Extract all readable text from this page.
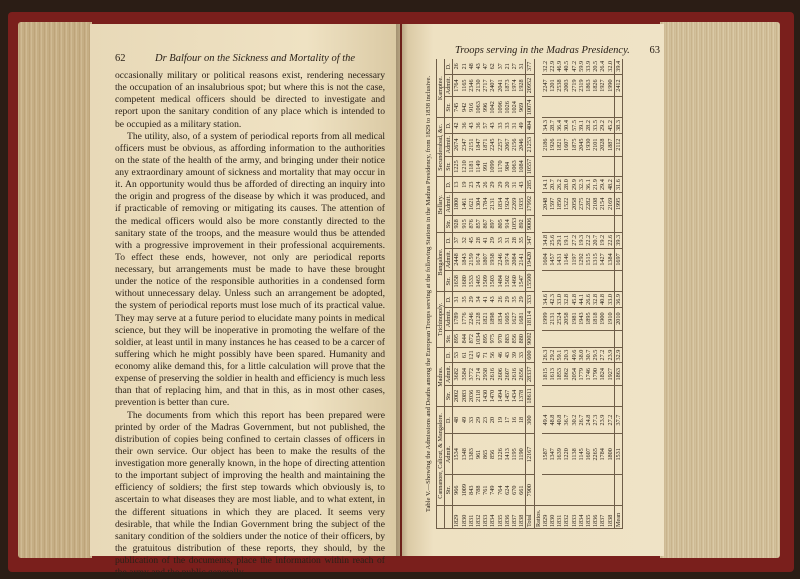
62	Dr Balfour on the Sickness and Mortality of the

occasionally military or political reasons exist, rendering necessary the occupation of an insalubrious spot; but where this is not the case, competent medical officers should be directed to investigate and report upon the sanitary condition of any place which is intended to be occupied as a military station.

The utility, also, of a system of periodical reports from all medical officers must be obvious, as affording information to the authorities on the state of the health of the army, and bringing under their notice any extraordinary amount of sickness and mortality that may occur in it. An opportunity would thus be afforded of directing an inquiry into the origin and progress of the disease by which it was produced, and if practicable of removing or mitigating its causes. The attention of the medical officers would also be more constantly directed to the sanitary state of the troops, and the measure would thus be attended with a progressive improvement in their professional acquirements. To effect these ends, however, not only are periodical reports necessary, but arrangements must be made to have these brought under the notice of the responsible authorities in a condensed form without unnecessary delay. Unless such an arrangement be adopted, the system of periodical reports must lose much of its practical value. They may serve at a future period to elucidate many points in medical science, but they will be inoperative in promoting the welfare of the soldier, at least until in many instances he has ceased to be a carcer of suffering which he might possibly have been spared. Humanity and economy alike demand this, for a little calculation will prove that the expense of preserving the soldier in health and efficiency is much less than that of replacing him, and that in this, as in most other cases, prevention is better than cure.

The documents from which this report has been prepared were printed by order of the Madras Government, but not published, the distribution of copies being confined to certain classes of officers in their own service. Our object has been to make the results of the investigation more generally known, in the hope of directing attention to the important subject of improving the health and maintaining the efficiency of soldiers; the first step towards which obviously is, to ascertain to what diseases they are most liable, and to what extent, in the different situations in which they are placed. It seems very desirable, that while the Indian Government bring the subject of the sanitary condition of the soldiers under the notice of their officers, by the gratuitous distribution of these reports, they should, by the publication of the documents, place the information within reach of the army and the public generally.

Troops serving in the Madras Presidency. 63
Table V.—Showing the Admissions and Deaths among the European Troops serving at the following Stations in the Madras Presidency, from 1829 to 1838 inclusive.
	Cannanore, Calicut, & Mangalore.			Madras.			Trichinopoly.			Bangalore.			Bellary.			Secunderabad, &c.			Kamptee.		
	Str.	Admit.	D.	Str.	Admit.	D.	Str.	Admit.	D.	Str.	Admit.	D.	Str.	Admit.	D.	Str.	Admit.	D.	Str.	Admit.	D.
1829	966	1534	48	2002	3682	53	895	1789	31	1658	2448	37	928	1800	13	1225	2674	42	745	1764	26
1830	1009	1348	49	2083	3584	61	844	1776	35	1680	1843	32	915	1461	19	1210	2347	36	942	1165	21
1831	843	1383	33	2036	3772	121	872	2246	29	1533	2159	45	876	1621	23	1181	2151	43	916	2346	48
1832	788	961	29	2118	2714	43	1034	2128	34	1465	1674	28	857	1304	24	1149	1847	36	1063	2130	43
1833	761	865	23	1430	2938	71	895	1821	41	1509	1807	41	867	1784	26	991	1871	57	996	2717	47
1834	749	856	20	1470	2616	56	975	1898	43	1503	1938	29	897	2131	29	1099	2245	43	1042	2407	62
1835	764	1226	19	1494	2606	46	970	1834	26	1484	2246	33	805	1834	29	1170	2257	33	1096	2041	37
1836	624	1413	17	1457	2607	43	883	1605	29	1502	1974	31	914	1924	20	984	2067	33	1026	1873	21
1837	670	1195	16	1434	2616	39	856	1627	35	1460	2084	28	1053	2269	31	1063	2156	31	1024	1974	27
1838	661	1190	18	1378	2656	33	880	1681	29	1547	2141	35	892	1935	43	1084	2046	49	969	1928	31
Total	7900	12167	300	18611	28337	600	9002	18114	333	15500	19420	347	9006	17992	285	10557	21253	404	10074	20952	377
Ratios.																					
1829		1587	49.4		1815	26.3		1999	34.6		1604	34.8		2048	14.1		2186	34.3		2247	32.2
1830		1347	48.8		1613	29.2		2131	42.3		1457	25.6		1597	20.7		1926	28.7		1201	22.9
1831		1639	40.8		1853	59.1		2524	33.0		1431	29.1		1850	26.2		1821	36.4		2538	46.9
1832		1220	36.7		1862	20.3		2058	32.8		1146	19.1		1522	28.0		1607	30.4		2003	40.5
1833		1138	30.2		2054	49.6		1981	45.8		1197	27.2		2058	29.9		1875	57.5		2719	47.2
1834		1145	26.7		1779	38.0		1943	44.1		1292	19.3		2375	32.3		2045	39.1		2319	59.9
1835		1607	24.8		1746	30.7		1895	26.6		1515	22.2		2282	36.1		1930	28.2		1863	33.9
1836		2265	27.3		1790	29.5		1818	32.8		1315	20.7		2108	21.9		2101	33.5		1826	20.5
1837		1784	23.9		1824	27.2		1900	40.8		1427	19.2		2154	29.4		2028	29.2		1927	26.4
1838		1800	27.2		1927	23.9		1910	33.0		1384	22.6		2169	48.2		1887	45.2		1990	32.0
Mean		1531	37.7		1863	32.9		2010	36.9		1697	39.3		1995	31.6		2112	38.3		2412	39.4
